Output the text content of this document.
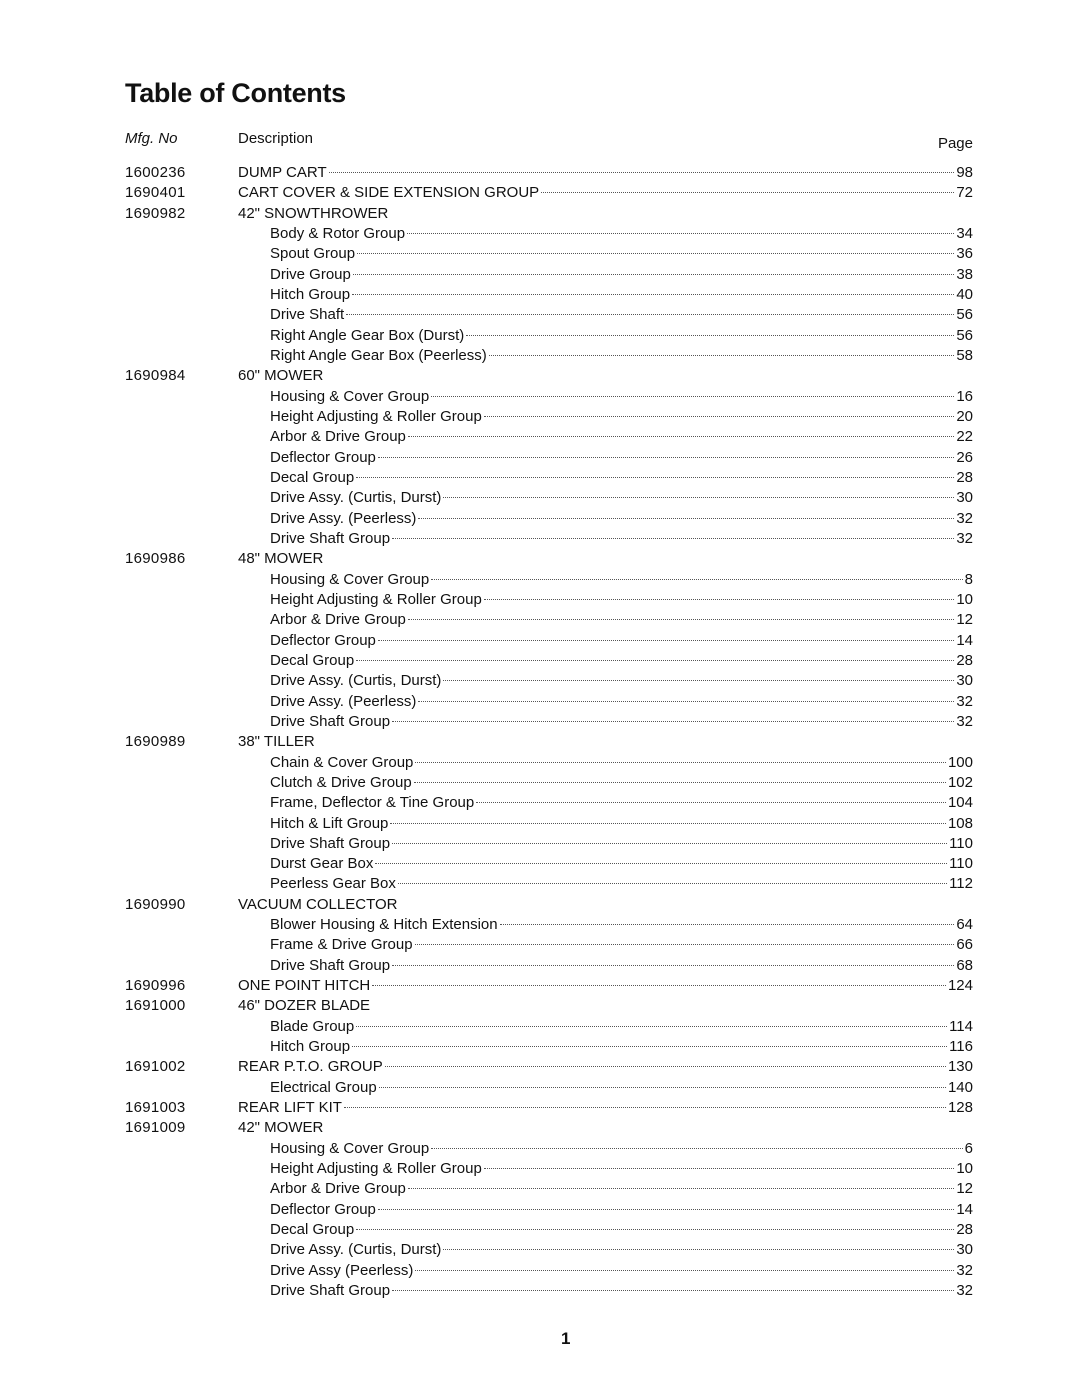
Table of Contents
Mfg. No	Description	Page
1600236	DUMP CART	98
1690401	CART COVER & SIDE EXTENSION GROUP	72
1690982	42" SNOWTHROWER
Body & Rotor Group	34
Spout Group	36
Drive Group	38
Hitch Group	40
Drive Shaft	56
Right Angle Gear Box (Durst)	56
Right Angle Gear Box (Peerless)	58
1690984	60" MOWER
Housing & Cover Group	16
Height Adjusting & Roller Group	20
Arbor & Drive Group	22
Deflector Group	26
Decal Group	28
Drive Assy. (Curtis, Durst)	30
Drive Assy. (Peerless)	32
Drive Shaft Group	32
1690986	48" MOWER
Housing & Cover Group	8
Height Adjusting & Roller Group	10
Arbor & Drive Group	12
Deflector Group	14
Decal Group	28
Drive Assy. (Curtis, Durst)	30
Drive Assy. (Peerless)	32
Drive Shaft Group	32
1690989	38" TILLER
Chain & Cover Group	100
Clutch & Drive Group	102
Frame, Deflector & Tine Group	104
Hitch & Lift Group	108
Drive Shaft Group	110
Durst Gear Box	110
Peerless Gear Box	112
1690990	VACUUM COLLECTOR
Blower Housing & Hitch Extension	64
Frame & Drive Group	66
Drive Shaft Group	68
1690996	ONE POINT HITCH	124
1691000	46" DOZER BLADE
Blade Group	114
Hitch Group	116
1691002	REAR P.T.O. GROUP	130
Electrical Group	140
1691003	REAR LIFT KIT	128
1691009	42" MOWER
Housing & Cover Group	6
Height Adjusting & Roller Group	10
Arbor & Drive Group	12
Deflector Group	14
Decal Group	28
Drive Assy. (Curtis, Durst)	30
Drive Assy (Peerless)	32
Drive Shaft Group	32
1
